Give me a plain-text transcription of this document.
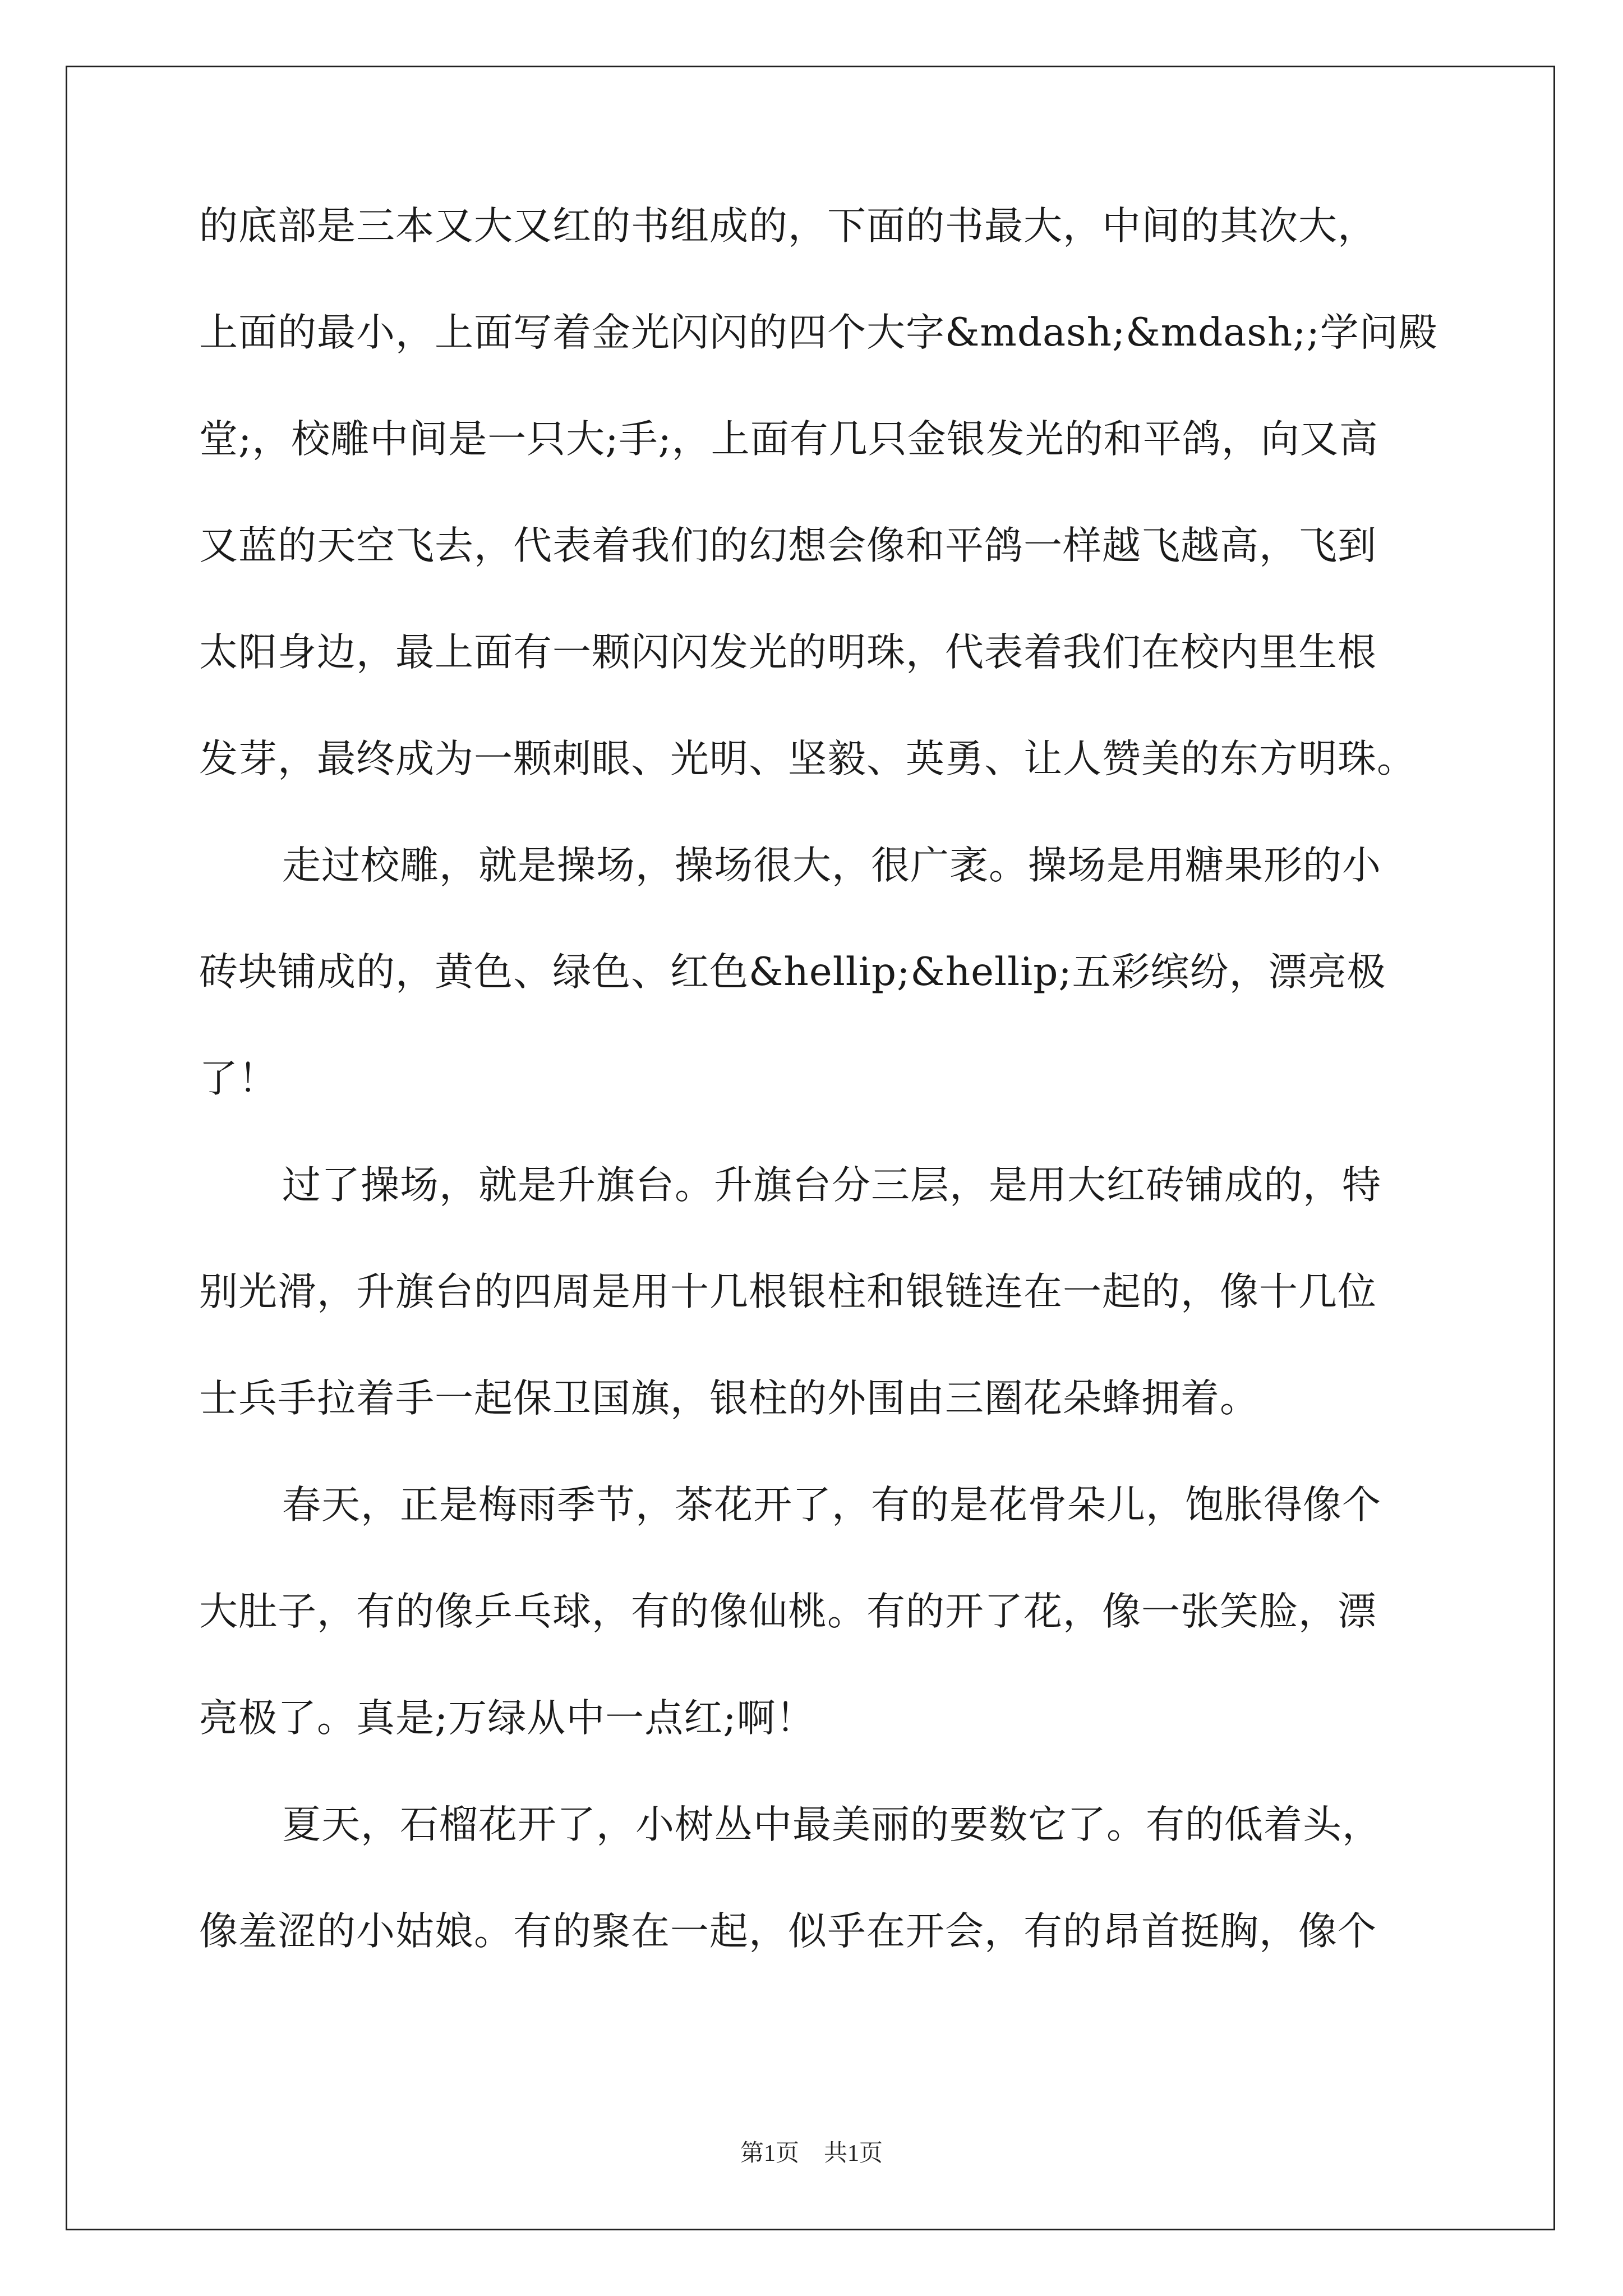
的底部是三本又大又红的书组成的，下面的书最大，中间的其次大，
上面的最小，上面写着金光闪闪的四个大字&mdash;&mdash;;学问殿
堂;，校雕中间是一只大;手;，上面有几只金银发光的和平鸽，向又高
又蓝的天空飞去，代表着我们的幻想会像和平鸽一样越飞越高，飞到
太阳身边，最上面有一颗闪闪发光的明珠，代表着我们在校内里生根
发芽，最终成为一颗刺眼、光明、坚毅、英勇、让人赞美的东方明珠。
走过校雕，就是操场，操场很大，很广袤。操场是用糖果形的小
砖块铺成的，黄色、绿色、红色&hellip;&hellip;五彩缤纷，漂亮极
了！
过了操场，就是升旗台。升旗台分三层，是用大红砖铺成的，特
别光滑，升旗台的四周是用十几根银柱和银链连在一起的，像十几位
士兵手拉着手一起保卫国旗，银柱的外围由三圈花朵蜂拥着。
春天，正是梅雨季节，茶花开了，有的是花骨朵儿，饱胀得像个
大肚子，有的像乒乓球，有的像仙桃。有的开了花，像一张笑脸，漂
亮极了。真是;万绿从中一点红;啊！
夏天，石榴花开了，小树丛中最美丽的要数它了。有的低着头，
像羞涩的小姑娘。有的聚在一起，似乎在开会，有的昂首挺胸，像个
第1页 共1页
